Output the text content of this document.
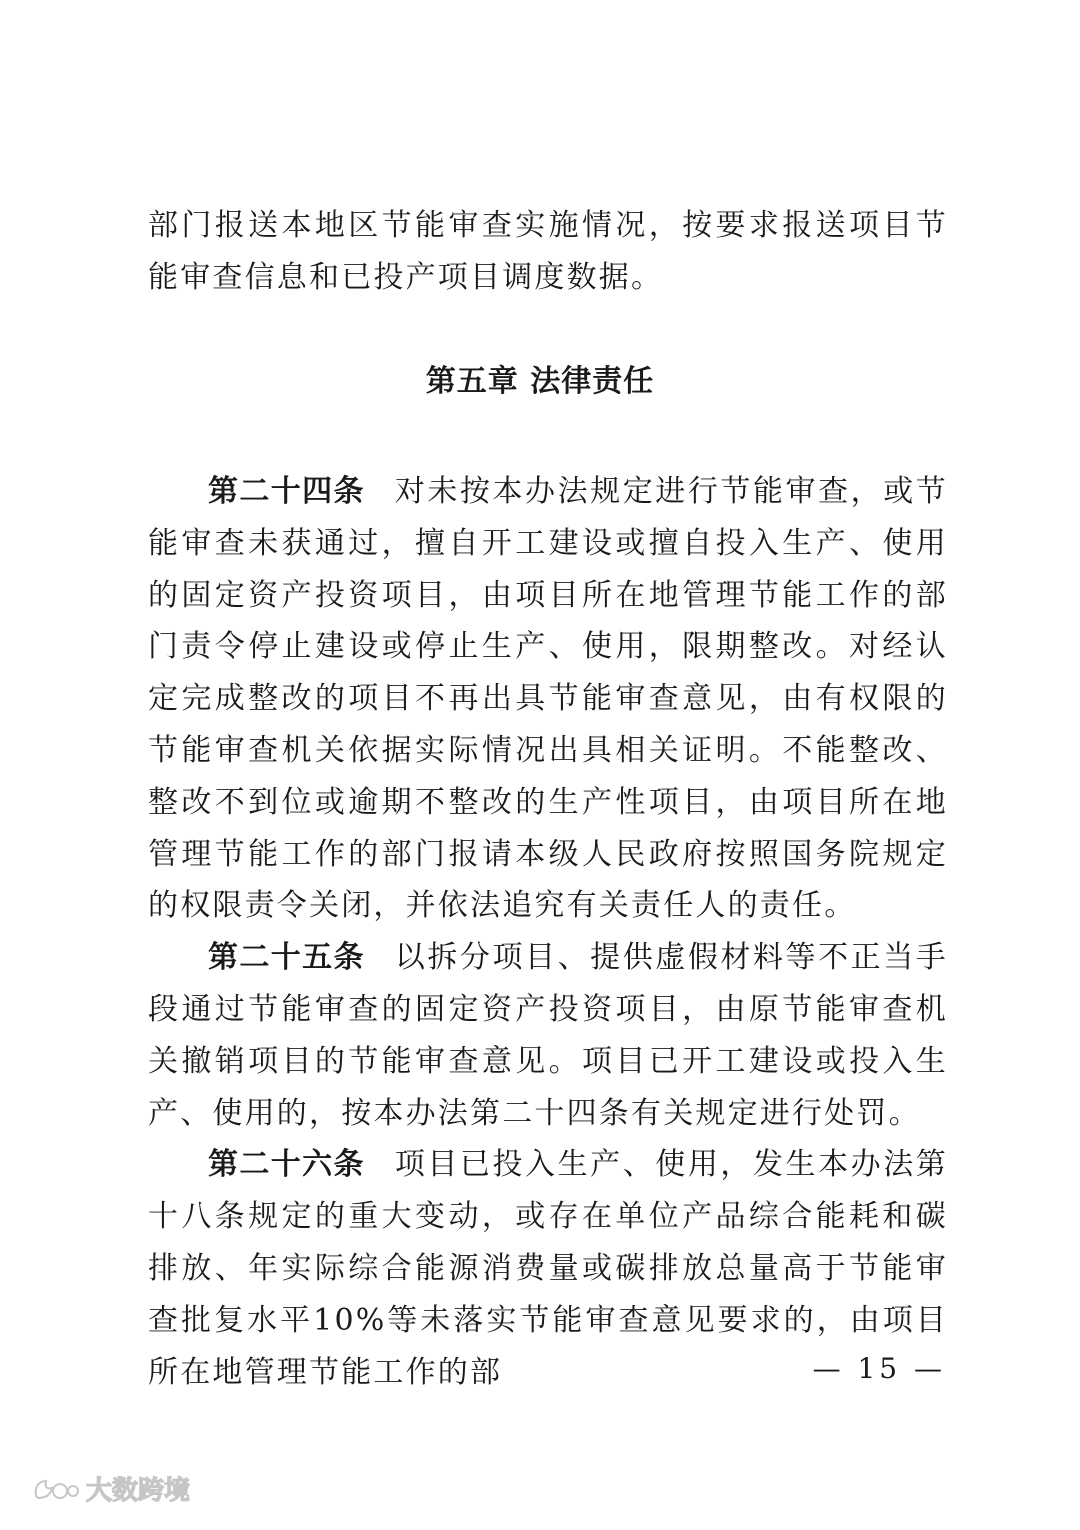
部门报送本地区节能审查实施情况，按要求报送项目节能审查信息和已投产项目调度数据。

第五章 法律责任

第二十四条 对未按本办法规定进行节能审查，或节能审查未获通过，擅自开工建设或擅自投入生产、使用的固定资产投资项目，由项目所在地管理节能工作的部门责令停止建设或停止生产、使用，限期整改。对经认定完成整改的项目不再出具节能审查意见，由有权限的节能审查机关依据实际情况出具相关证明。不能整改、整改不到位或逾期不整改的生产性项目，由项目所在地管理节能工作的部门报请本级人民政府按照国务院规定的权限责令关闭，并依法追究有关责任人的责任。

第二十五条 以拆分项目、提供虚假材料等不正当手段通过节能审查的固定资产投资项目，由原节能审查机关撤销项目的节能审查意见。项目已开工建设或投入生产、使用的，按本办法第二十四条有关规定进行处罚。

第二十六条 项目已投入生产、使用，发生本办法第十八条规定的重大变动，或存在单位产品综合能耗和碳排放、年实际综合能源消费量或碳排放总量高于节能审查批复水平10%等未落实节能审查意见要求的，由项目所在地管理节能工作的部	— 15 —

大数跨境
